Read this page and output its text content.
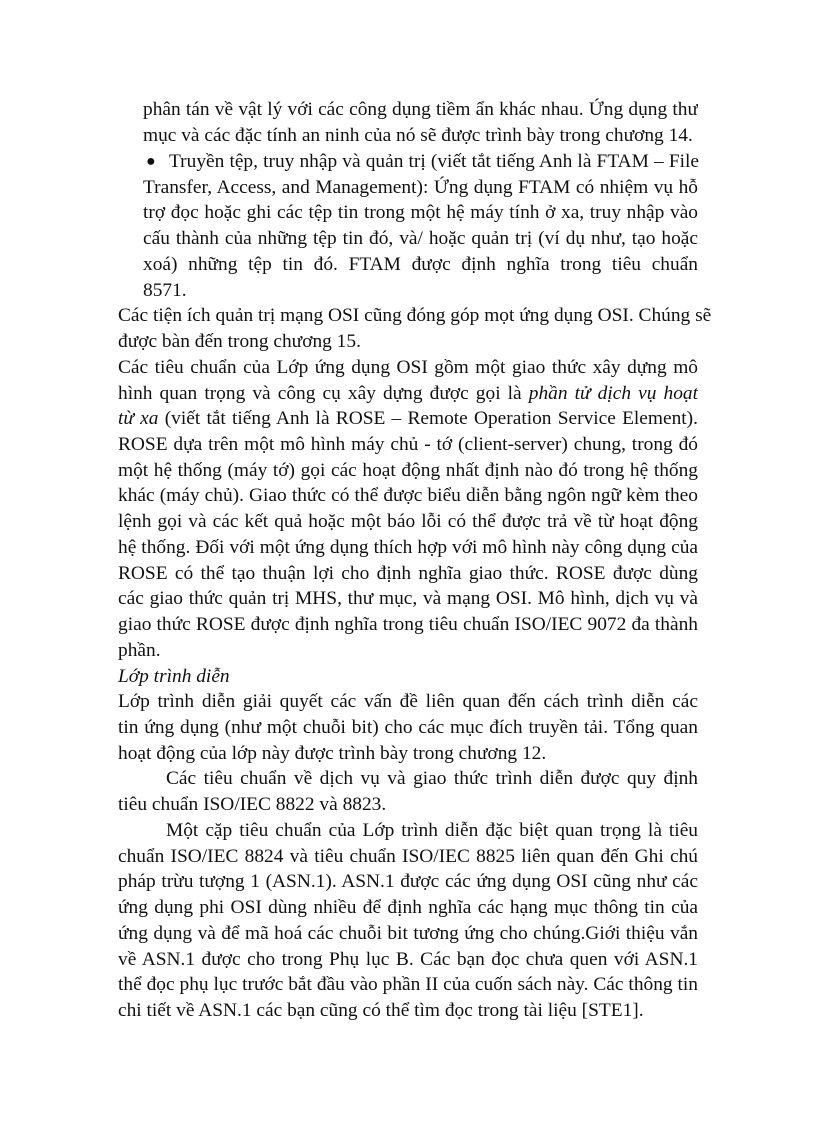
phân tán về vật lý với các công dụng tiềm ẩn khác nhau. Ứng dụng thư

mục và các đặc tính an ninh của nó sẽ được trình bày trong chương 14.

● Truyền tệp, truy nhập và quản trị (viết tắt tiếng Anh là FTAM – File

Transfer, Access, and Management): Ứng dụng FTAM có nhiệm vụ hỗ

trợ đọc hoặc ghi các tệp tin trong một hệ máy tính ở xa, truy nhập vào

cấu thành của những tệp tin đó, và/ hoặc quản trị (ví dụ như, tạo hoặc

xoá) những tệp tin đó. FTAM được định nghĩa trong tiêu chuẩn

8571.

Các tiện ích quản trị mạng OSI cũng đóng góp mọt ứng dụng OSI. Chúng sẽ

được bàn đến trong chương 15.

Các tiêu chuẩn của Lớp ứng dụng OSI gồm một giao thức xây dựng mô

hình quan trọng và công cụ xây dựng được gọi là phần tử dịch vụ hoạt

từ xa (viết tắt tiếng Anh là ROSE – Remote Operation Service Element).

ROSE dựa trên một mô hình máy chủ - tớ (client-server) chung, trong đó

một hệ thống (máy tớ) gọi các hoạt động nhất định nào đó trong hệ thống

khác (máy chủ). Giao thức có thể được biểu diễn bằng ngôn ngữ kèm theo

lệnh gọi và các kết quả hoặc một báo lỗi có thể được trả về từ hoạt động

hệ thống. Đối với một ứng dụng thích hợp với mô hình này công dụng của

ROSE có thể tạo thuận lợi cho định nghĩa giao thức. ROSE được dùng

các giao thức quản trị MHS, thư mục, và mạng OSI. Mô hình, dịch vụ và

giao thức ROSE được định nghĩa trong tiêu chuẩn ISO/IEC 9072 đa thành

phần.

Lớp trình diễn

Lớp trình diễn giải quyết các vấn đề liên quan đến cách trình diễn các

tin ứng dụng (như một chuỗi bit) cho các mục đích truyền tải. Tổng quan

hoạt động của lớp này được trình bày trong chương 12.

Các tiêu chuẩn về dịch vụ và giao thức trình diễn được quy định

tiêu chuẩn ISO/IEC 8822 và 8823.

Một cặp tiêu chuẩn của Lớp trình diễn đặc biệt quan trọng là tiêu

chuẩn ISO/IEC 8824 và tiêu chuẩn ISO/IEC 8825 liên quan đến Ghi chú

pháp trừu tượng 1 (ASN.1). ASN.1 được các ứng dụng OSI cũng như các

ứng dụng phi OSI dùng nhiều để định nghĩa các hạng mục thông tin của

ứng dụng và để mã hoá các chuỗi bit tương ứng cho chúng.Giới thiệu vắn

về ASN.1 được cho trong Phụ lục B. Các bạn đọc chưa quen với ASN.1

thể đọc phụ lục trước bắt đầu vào phần II của cuốn sách này. Các thông tin

chi tiết về ASN.1 các bạn cũng có thể tìm đọc trong tài liệu [STE1].
